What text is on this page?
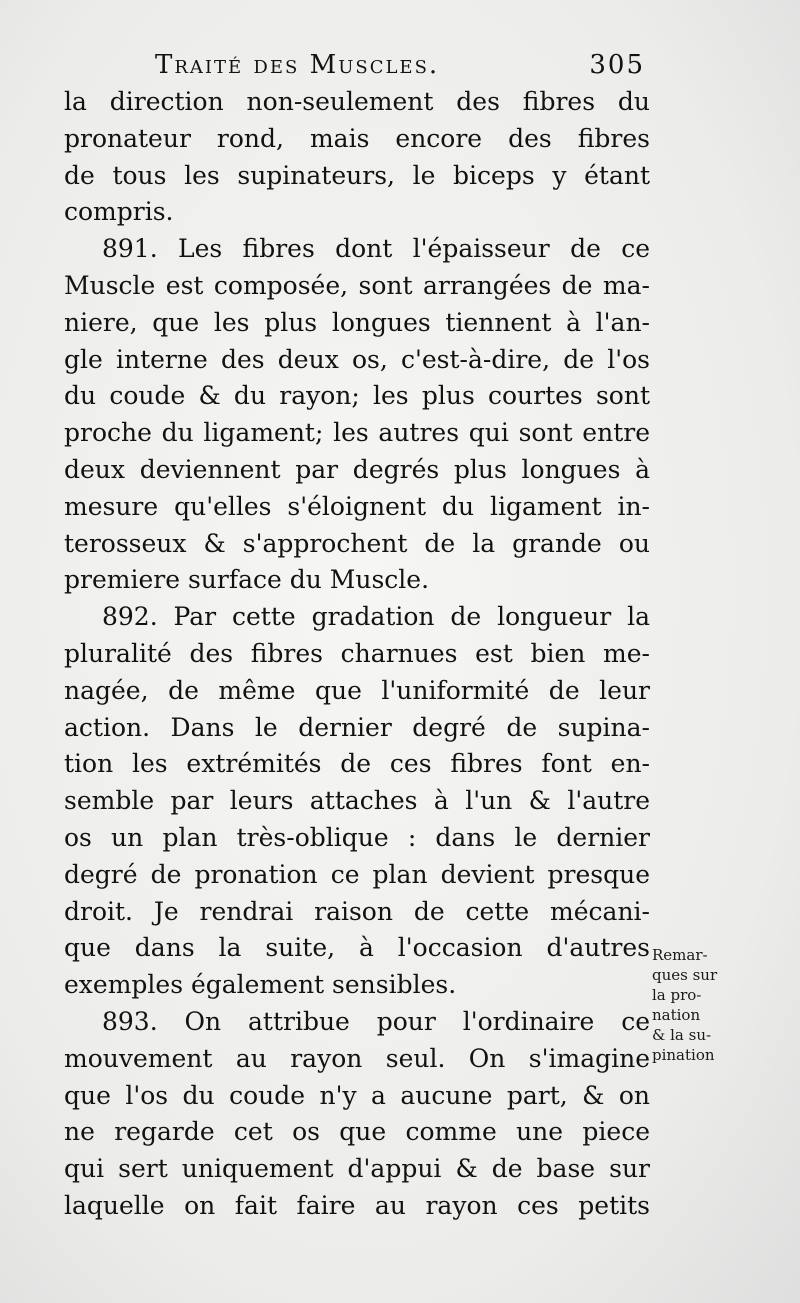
Traité des Muscles.	305
la direction non-seulement des fibres du
pronateur rond, mais encore des fibres
de tous les supinateurs, le biceps y étant
compris.
891. Les fibres dont l'épaisseur de ce
Muscle est composée, sont arrangées de ma-
niere, que les plus longues tiennent à l'an-
gle interne des deux os, c'est-à-dire, de l'os
du coude & du rayon; les plus courtes sont
proche du ligament; les autres qui sont entre
deux deviennent par degrés plus longues à
mesure qu'elles s'éloignent du ligament in-
terosseux & s'approchent de la grande ou
premiere surface du Muscle.
892. Par cette gradation de longueur la
pluralité des fibres charnues est bien me-
nagée, de même que l'uniformité de leur
action. Dans le dernier degré de supina-
tion les extrémités de ces fibres font en-
semble par leurs attaches à l'un & l'autre
os un plan très-oblique : dans le dernier
degré de pronation ce plan devient presque
droit. Je rendrai raison de cette mécani-
que dans la suite, à l'occasion d'autres
exemples également sensibles.
893. On attribue pour l'ordinaire ce
mouvement au rayon seul. On s'imagine
que l'os du coude n'y a aucune part, & on
ne regarde cet os que comme une piece
qui sert uniquement d'appui & de base sur
laquelle on fait faire au rayon ces petits
Remar-
ques sur
la pro-
nation
& la su-
pination
